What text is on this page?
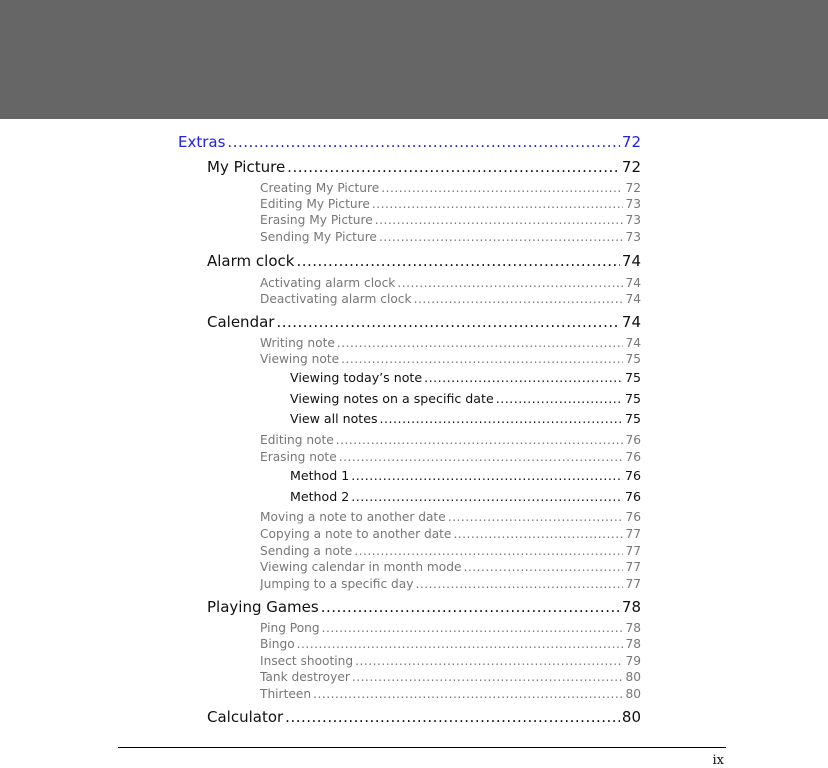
Extras .....	72
My Picture .....	72
Creating My Picture .....	72
Editing My Picture .....	73
Erasing My Picture .....	73
Sending My Picture .....	73
Alarm clock .....	74
Activating alarm clock .....	74
Deactivating alarm clock .....	74
Calendar .....	74
Writing note .....	74
Viewing note .....	75
Viewing today’s note .....	75
Viewing notes on a specific date .....	75
View all notes .....	75
Editing note .....	76
Erasing note .....	76
Method 1 .....	76
Method 2 .....	76
Moving a note to another date .....	76
Copying a note to another date .....	77
Sending a note .....	77
Viewing calendar in month mode .....	77
Jumping to a specific day .....	77
Playing Games .....	78
Ping Pong .....	78
Bingo .....	78
Insect shooting .....	79
Tank destroyer .....	80
Thirteen .....	80
Calculator .....	80
ix
